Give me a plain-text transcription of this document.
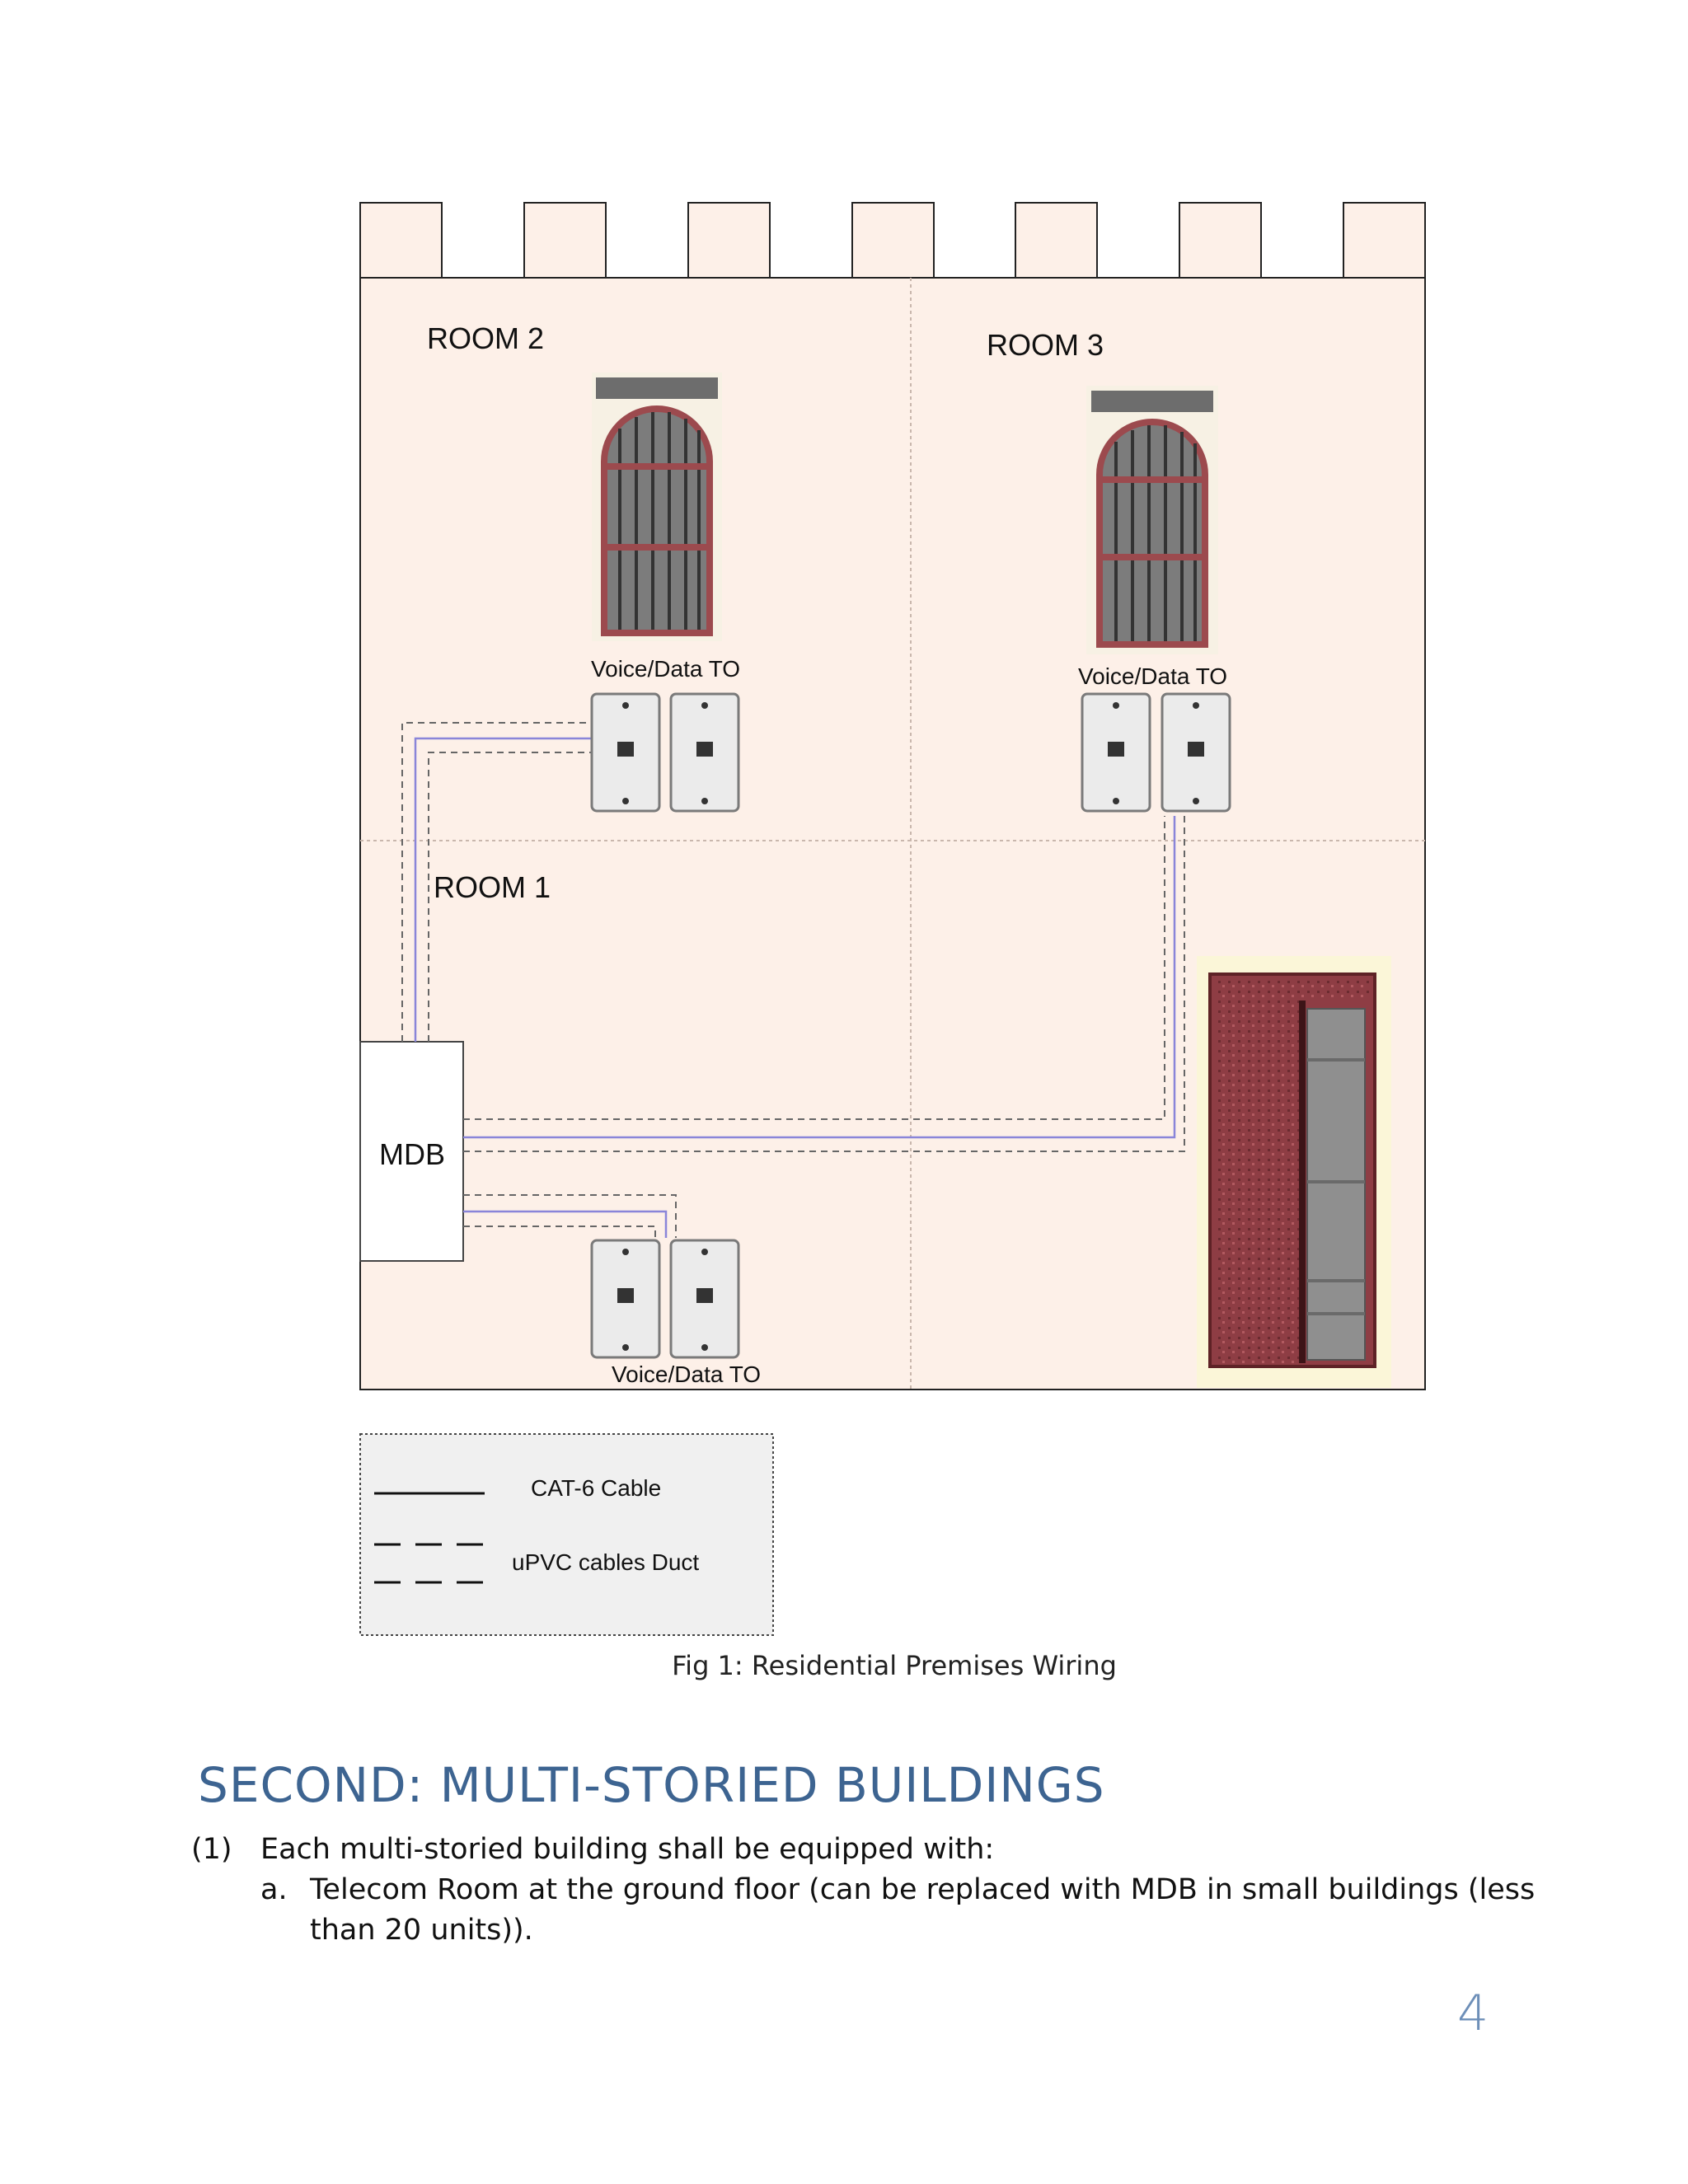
ROOM 2	ROOM 3
ROOM 1
Voice/Data TO	Voice/Data TO
Voice/Data TO
MDB
CAT-6 Cable
uPVC cables Duct
Fig 1: Residential Premises Wiring
SECOND: MULTI-STORIED BUILDINGS
(1) Each multi-storied building shall be equipped with:
a. Telecom Room at the ground floor (can be replaced with MDB in small buildings (less
than 20 units)).
4
